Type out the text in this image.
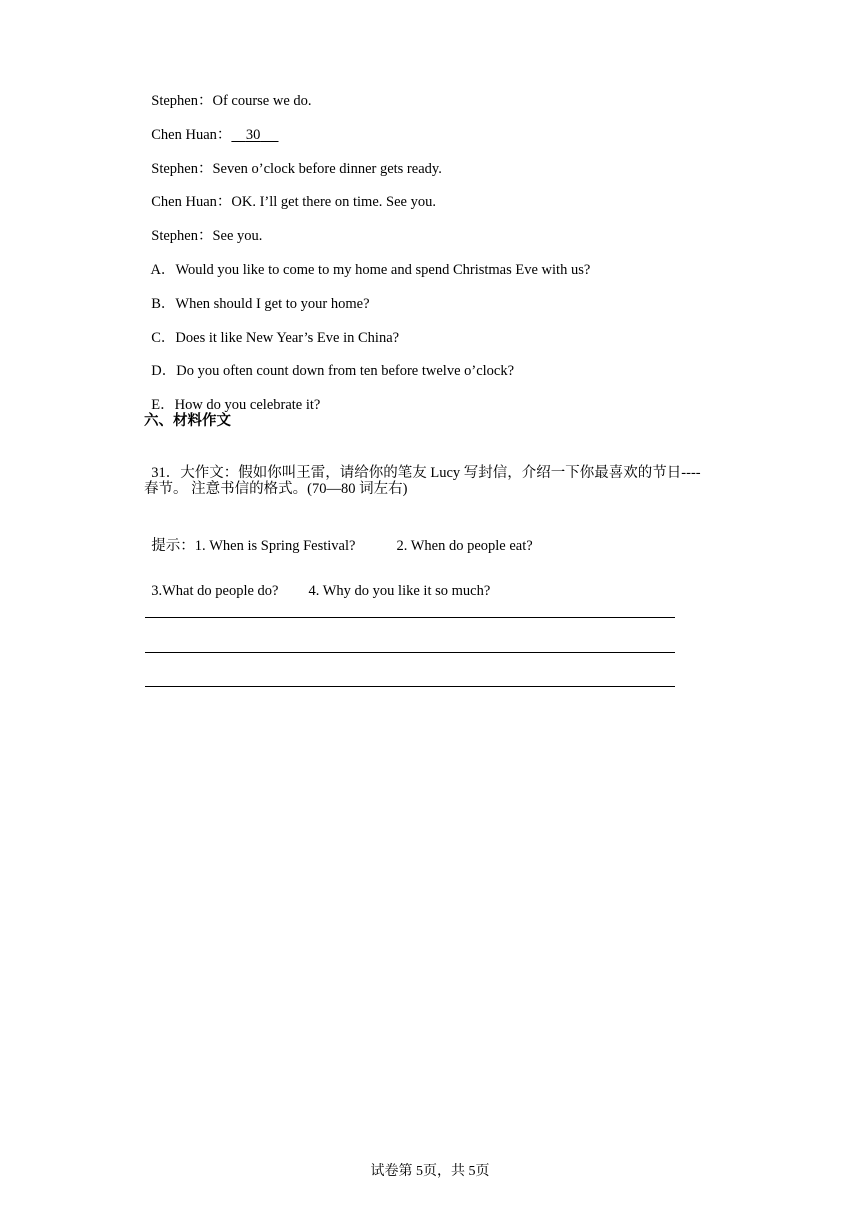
Stephen：Of course we do.

Chen Huan： 30

Stephen：Seven o’clock before dinner gets ready.

Chen Huan：OK. I’ll get there on time. See you.

Stephen：See you.

A．Would you like to come to my home and spend Christmas Eve with us?

B．When should I get to your home?

C．Does it like New Year’s Eve in China?

D．Do you often count down from ten before twelve o’clock?

E．How do you celebrate it?

六、材料作文

31．大作文：假如你叫王雷，请给你的笔友 Lucy 写封信，介绍一下你最喜欢的节日----

春节。 注意书信的格式。(70—80 词左右)

提示：1. When is Spring Festival?	2. When do people eat?

3.What do people do? 4. Why do you like it so much?

试卷第 5页，共 5页
